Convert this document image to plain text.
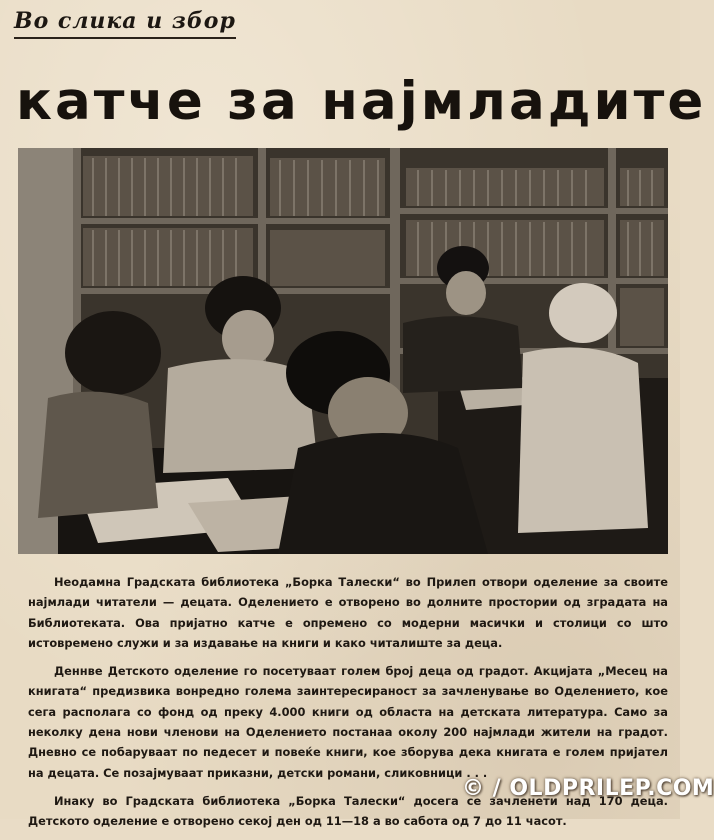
Во слика и збор
катче за најмладите

Неодамна Градската библиотека „Борка Талески“ во Прилеп отвори оделение за своите најмлади читатели — децата. Оделението е отворено во долните простории од зградата на Библиотеката. Ова пријатно катче е опремено со модерни масички и столици со што истовремено служи и за издавање на книги и како читалиште за деца.

Деннве Детското оделение го посетуваат голем број деца од градот. Акцијата „Месец на книгата“ предизвика вонредно голема заинтересираност за зачленување во Оделението, кое сега располага со фонд од преку 4.000 книги од областа на детската литература. Само за неколку дена нови членови на Оделението постанаа околу 200 најмлади жители на градот. Дневно се побаруваат по педесет и повеќе книги, кое зборува дека книгата е голем пријател на децата. Се позајмуваат приказни, детски романи, сликовници . . .

Инаку во Градската библиотека „Борка Талески“ досега се зачленети над 170 деца. Детското оделение е отворено секој ден од 11—18 а во сабота од 7 до 11 часот.

© / OLDPRILEP.COM
